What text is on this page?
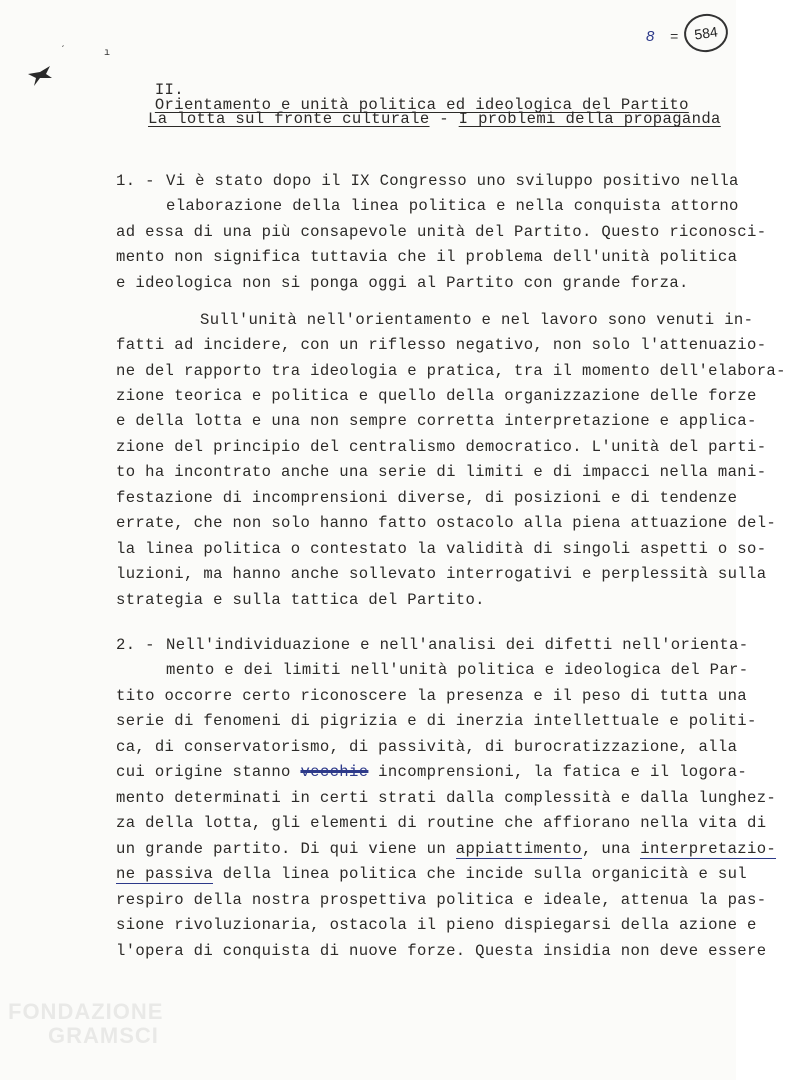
ˏ
ı
8 = 584

II.
Orientamento e unità politica ed ideologica del Partito

La lotta sul fronte culturale - I problemi della propaganda
1. - Vi è stato dopo il IX Congresso uno sviluppo positivo nella
elaborazione della linea politica e nella conquista attorno
ad essa di una più consapevole unità del Partito. Questo riconosci-
mento non significa tuttavia che il problema dell'unità politica
e ideologica non si ponga oggi al Partito con grande forza.
Sull'unità nell'orientamento e nel lavoro sono venuti in-
fatti ad incidere, con un riflesso negativo, non solo l'attenuazio-
ne del rapporto tra ideologia e pratica, tra il momento dell'elabora-
zione teorica e politica e quello della organizzazione delle forze
e della lotta e una non sempre corretta interpretazione e applica-
zione del principio del centralismo democratico. L'unità del parti-
to ha incontrato anche una serie di limiti e di impacci nella mani-
festazione di incomprensioni diverse, di posizioni e di tendenze
errate, che non solo hanno fatto ostacolo alla piena attuazione del-
la linea politica o contestato la validità di singoli aspetti o so-
luzioni, ma hanno anche sollevato interrogativi e perplessità sulla
strategia e sulla tattica del Partito.
2. - Nell'individuazione e nell'analisi dei difetti nell'orienta-
mento e dei limiti nell'unità politica e ideologica del Par-
tito occorre certo riconoscere la presenza e il peso di tutta una
serie di fenomeni di pigrizia e di inerzia intellettuale e politi-
ca, di conservatorismo, di passività, di burocratizzazione, alla
cui origine stanno vecchie incomprensioni, la fatica e il logora-
mento determinati in certi strati dalla complessità e dalla lunghez-
za della lotta, gli elementi di routine che affiorano nella vita di
un grande partito. Di qui viene un appiattimento, una interpretazio-
ne passiva della linea politica che incide sulla organicità e sul
respiro della nostra prospettiva politica e ideale, attenua la pas-
sione rivoluzionaria, ostacola il pieno dispiegarsi della azione e
l'opera di conquista di nuove forze. Questa insidia non deve essere
FONDAZIONE
GRAMSCI
